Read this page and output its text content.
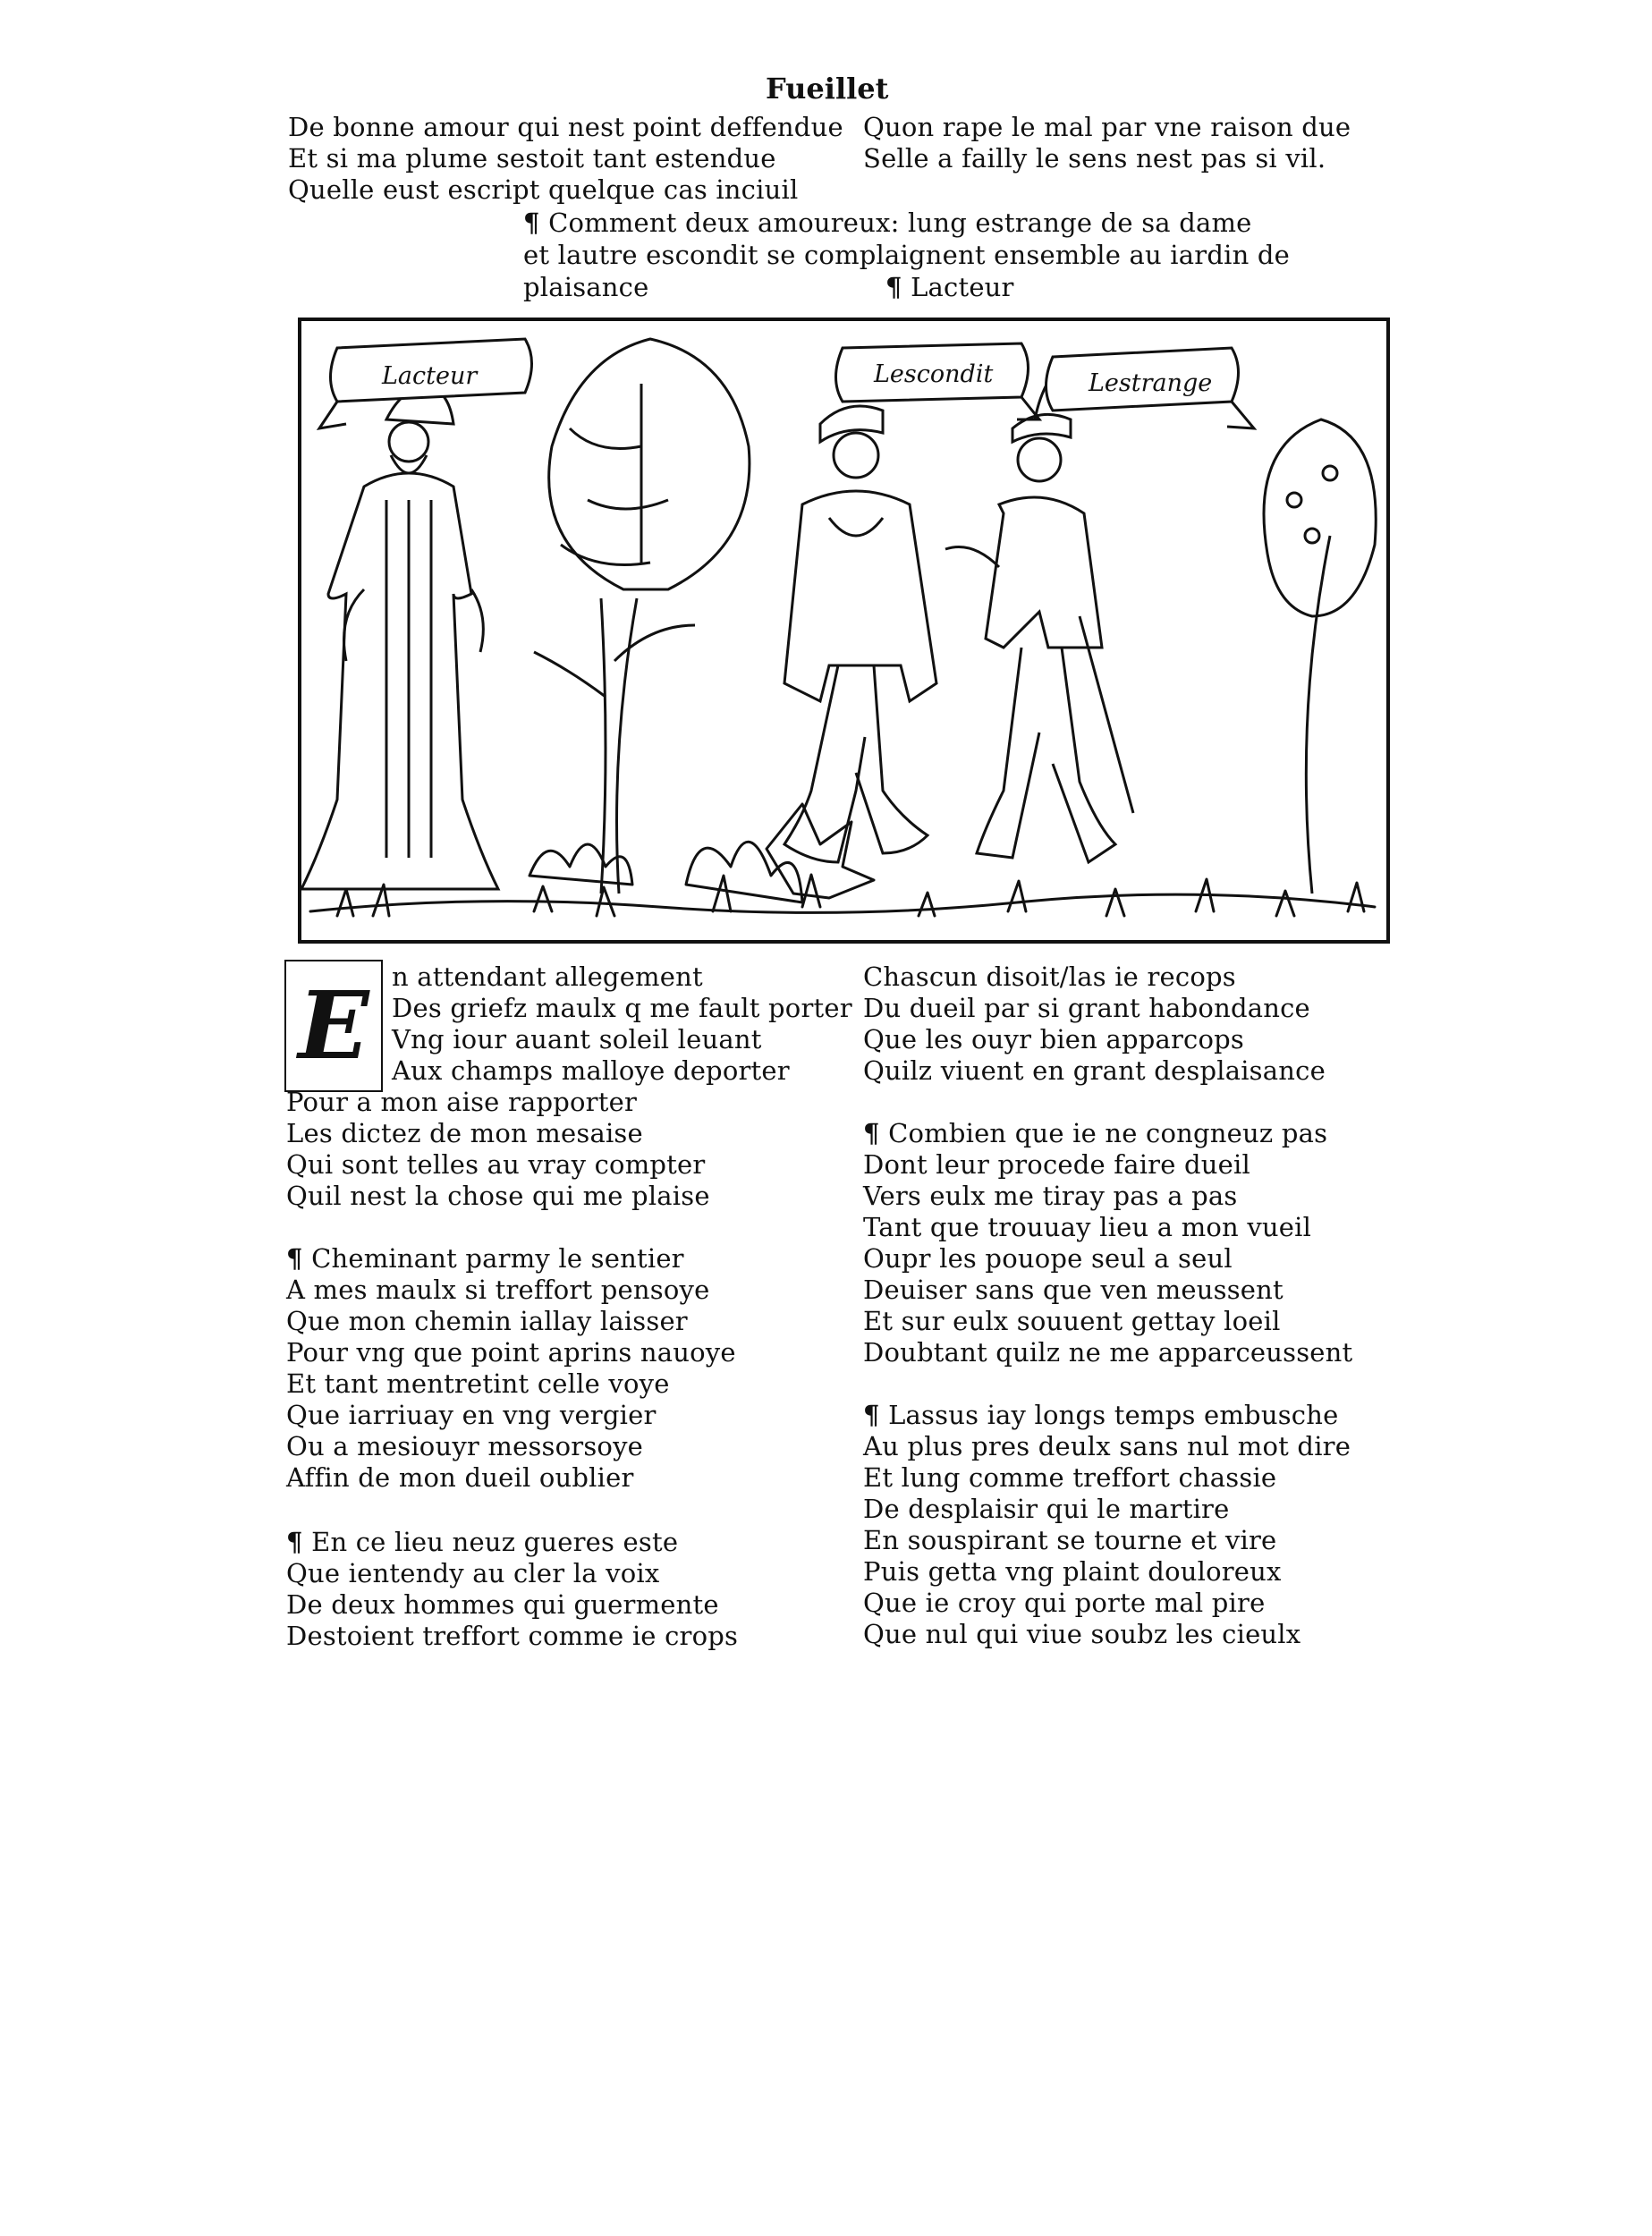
Fueillet
De bonne amour qui nest point deffendue
Et si ma plume sestoit tant estendue
Quelle eust escript quelque cas inciuil
Quon rape le mal par vne raison due
Selle a failly le sens nest pas si vil.
¶ Comment deux amoureux: lung estrange de sa dame
et lautre escondit se complaignent ensemble au iardin de
plaisance	¶ Lacteur
Lacteur	Lescondit	Lestrange
E n attendant allegement
Des griefz maulx q me fault porter
Vng iour auant soleil leuant
Aux champs malloye deporter
Pour a mon aise rapporter
Les dictez de mon mesaise
Qui sont telles au vray compter
Quil nest la chose qui me plaise
¶ Cheminant parmy le sentier
A mes maulx si treffort pensoye
Que mon chemin iallay laisser
Pour vng que point aprins nauoye
Et tant mentretint celle voye
Que iarriuay en vng vergier
Ou a mesiouyr messorsoye
Affin de mon dueil oublier
¶ En ce lieu neuz gueres este
Que ientendy au cler la voix
De deux hommes qui guermente
Destoient treffort comme ie crops
Chascun disoit/las ie recops
Du dueil par si grant habondance
Que les ouyr bien apparcops
Quilz viuent en grant desplaisance
¶ Combien que ie ne congneuz pas
Dont leur procede faire dueil
Vers eulx me tiray pas a pas
Tant que trouuay lieu a mon vueil
Oupr les pouope seul a seul
Deuiser sans que ven meussent
Et sur eulx souuent gettay loeil
Doubtant quilz ne me apparceussent
¶ Lassus iay longs temps embusche
Au plus pres deulx sans nul mot dire
Et lung comme treffort chassie
De desplaisir qui le martire
En souspirant se tourne et vire
Puis getta vng plaint douloreux
Que ie croy qui porte mal pire
Que nul qui viue soubz les cieulx
